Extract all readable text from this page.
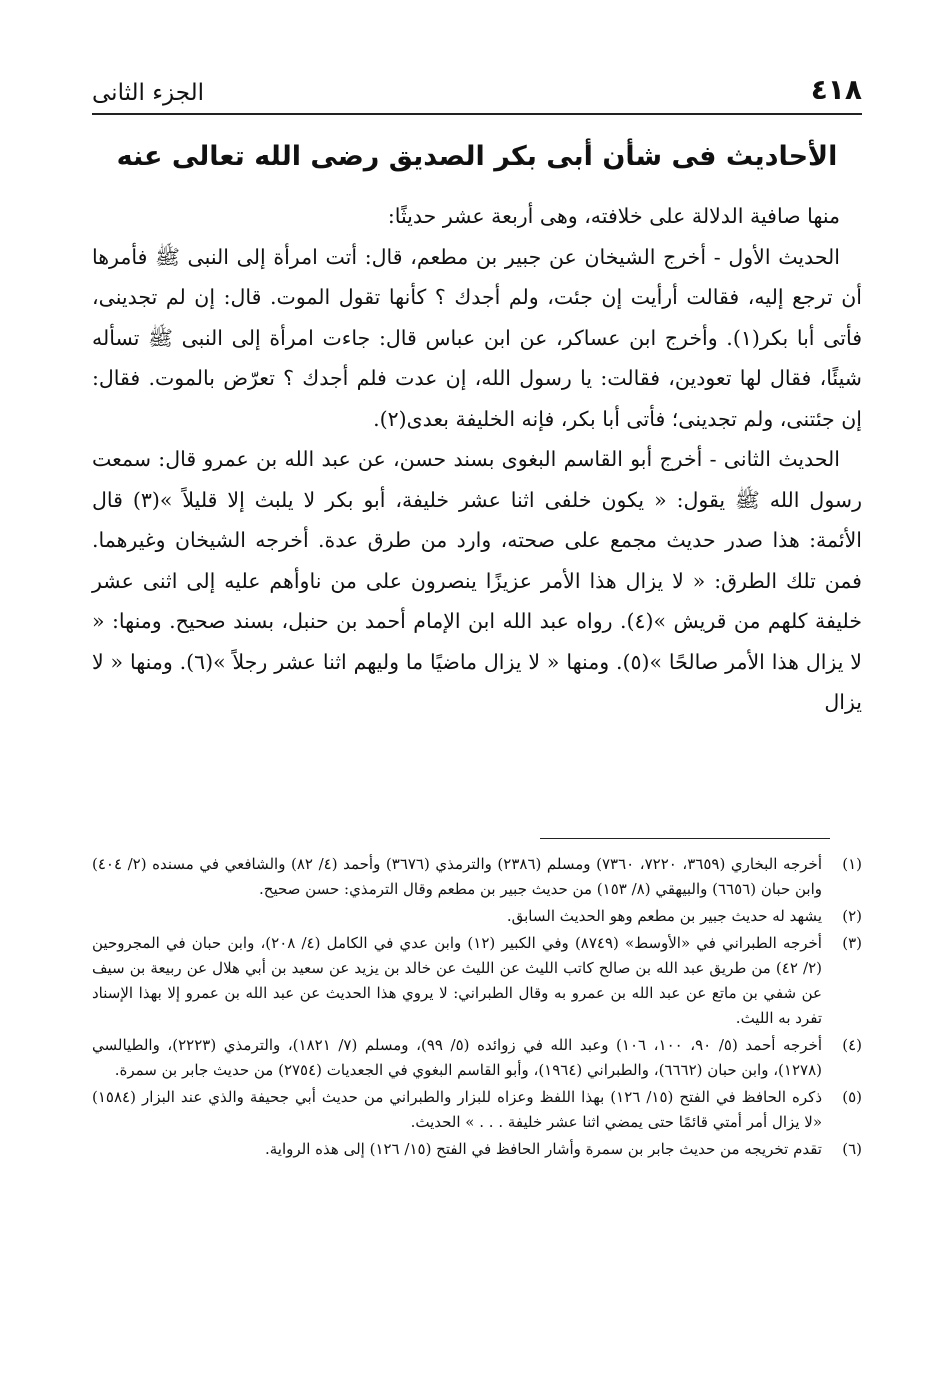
٤١٨
الجزء الثانى
الأحاديث فى شأن أبى بكر الصديق رضى الله تعالى عنه

منها صافية الدلالة على خلافته، وهى أربعة عشر حديثًا:

الحديث الأول - أخرج الشيخان عن جبير بن مطعم، قال: أتت امرأة إلى النبى ﷺ فأمرها أن ترجع إليه، فقالت أرأيت إن جئت، ولم أجدك ؟ كأنها تقول الموت. قال: إن لم تجدينى، فأتى أبا بكر(١). وأخرج ابن عساكر، عن ابن عباس قال: جاءت امرأة إلى النبى ﷺ تسأله شيئًا، فقال لها تعودين، فقالت: يا رسول الله، إن عدت فلم أجدك ؟ تعرّض بالموت. فقال: إن جئتنى، ولم تجدينى؛ فأتى أبا بكر، فإنه الخليفة بعدى(٢).

الحديث الثانى - أخرج أبو القاسم البغوى بسند حسن، عن عبد الله بن عمرو قال: سمعت رسول الله ﷺ يقول: « يكون خلفى اثنا عشر خليفة، أبو بكر لا يلبث إلا قليلاً »(٣) قال الأئمة: هذا صدر حديث مجمع على صحته، وارد من طرق عدة. أخرجه الشيخان وغيرهما. فمن تلك الطرق: « لا يزال هذا الأمر عزيزًا ينصرون على من ناوأهم عليه إلى اثنى عشر خليفة كلهم من قريش »(٤). رواه عبد الله ابن الإمام أحمد بن حنبل، بسند صحيح. ومنها: « لا يزال هذا الأمر صالحًا »(٥). ومنها « لا يزال ماضيًا ما وليهم اثنا عشر رجلاً »(٦). ومنها « لا يزال

(١)
أخرجه البخاري (٣٦٥٩، ٧٢٢٠، ٧٣٦٠) ومسلم (٢٣٨٦) والترمذي (٣٦٧٦) وأحمد (٤/ ٨٢) والشافعي في مسنده (٢/ ٤٠٤) وابن حبان (٦٦٥٦) والبيهقي (٨/ ١٥٣) من حديث جبير بن مطعم وقال الترمذي: حسن صحيح.
(٢)
يشهد له حديث جبير بن مطعم وهو الحديث السابق.
(٣)
أخرجه الطبراني في «الأوسط» (٨٧٤٩) وفي الكبير (١٢) وابن عدي في الكامل (٤/ ٢٠٨)، وابن حبان في المجروحين (٢/ ٤٢) من طريق عبد الله بن صالح كاتب الليث عن الليث عن خالد بن يزيد عن سعيد بن أبي هلال عن ربيعة بن سيف عن شفي بن ماتع عن عبد الله بن عمرو به وقال الطبراني: لا يروي هذا الحديث عن عبد الله بن عمرو إلا بهذا الإسناد تفرد به الليث.
(٤)
أخرجه أحمد (٥/ ٩٠، ١٠٠، ١٠٦) وعبد الله في زوائده (٥/ ٩٩)، ومسلم (٧/ ١٨٢١)، والترمذي (٢٢٢٣)، والطيالسي (١٢٧٨)، وابن حبان (٦٦٦٢)، والطبراني (١٩٦٤)، وأبو القاسم البغوي في الجعديات (٢٧٥٤) من حديث جابر بن سمرة.
(٥)
ذكره الحافظ في الفتح (١٥/ ١٢٦) بهذا اللفظ وعزاه للبزار والطبراني من حديث أبي جحيفة والذي عند البزار (١٥٨٤) «لا يزال أمر أمتي قائمًا حتى يمضي اثنا عشر خليفة . . . » الحديث.
(٦)
تقدم تخريجه من حديث جابر بن سمرة وأشار الحافظ في الفتح (١٥/ ١٢٦) إلى هذه الرواية.
